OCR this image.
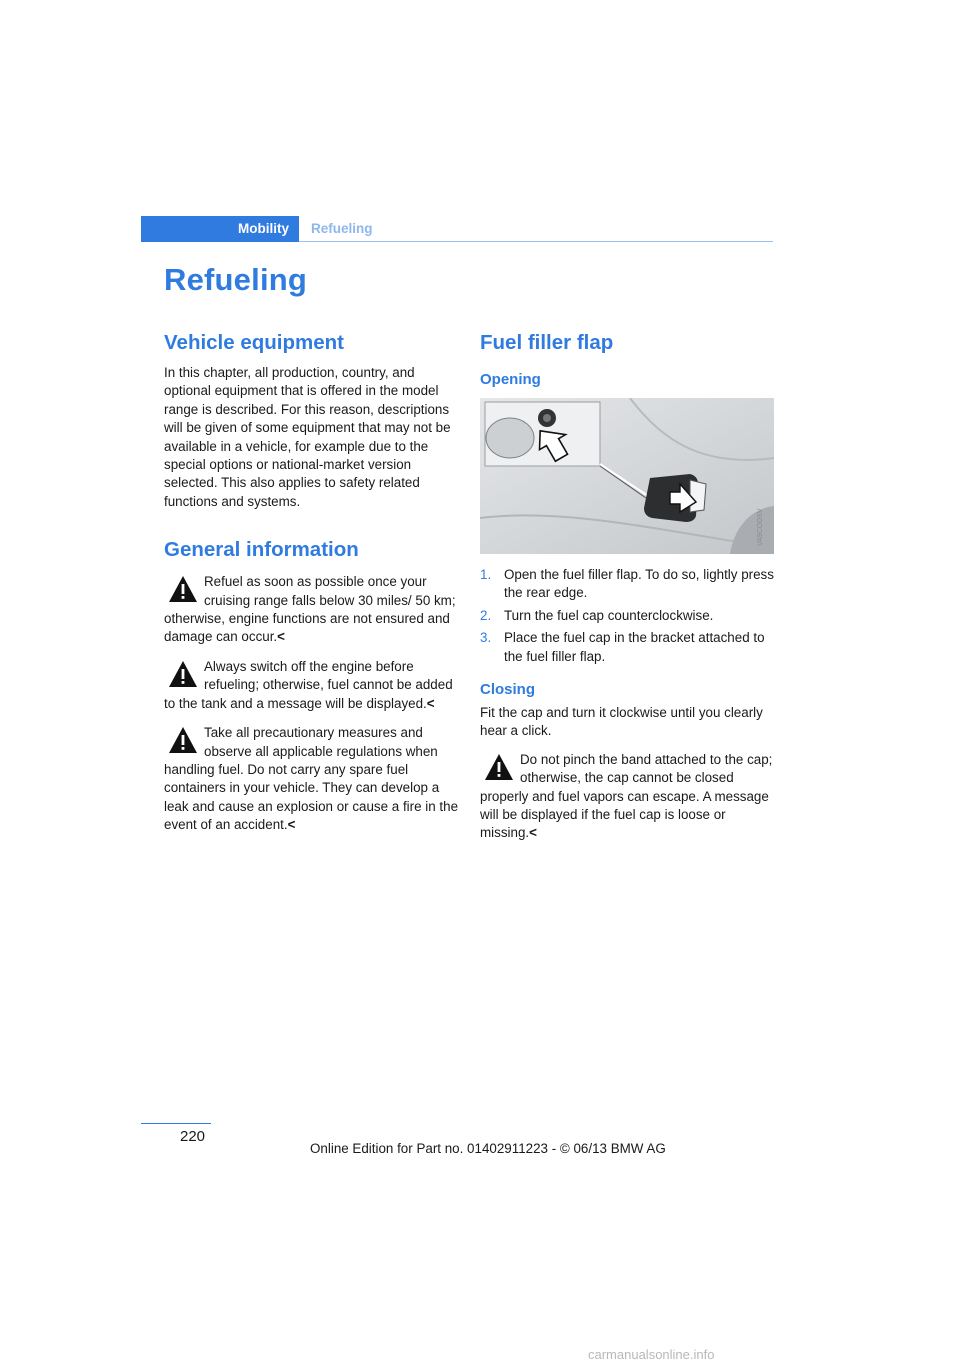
Mobility Refueling
Refueling
Vehicle equipment

In this chapter, all production, country, and optional equipment that is offered in the model range is described. For this reason, descriptions will be given of some equipment that may not be available in a vehicle, for example due to the special options or national-market version selected. This also applies to safety related functions and systems.

General information
Refuel as soon as possible once your cruising range falls below 30 miles/ 50 km; otherwise, engine functions are not ensured and damage can occur.<
Always switch off the engine before refueling; otherwise, fuel cannot be added to the tank and a message will be displayed.<
Take all precautionary measures and observe all applicable regulations when handling fuel. Do not carry any spare fuel containers in your vehicle. They can develop a leak and cause an explosion or cause a fire in the event of an accident.<
Fuel filler flap
Opening
VA9CODSV
1. Open the fuel filler flap. To do so, lightly press the rear edge.
2. Turn the fuel cap counterclockwise.
3. Place the fuel cap in the bracket attached to the fuel filler flap.
Closing

Fit the cap and turn it clockwise until you clearly hear a click.

Do not pinch the band attached to the cap; otherwise, the cap cannot be closed properly and fuel vapors can escape. A message will be displayed if the fuel cap is loose or missing.<
220
Online Edition for Part no. 01402911223 - © 06/13 BMW AG
carmanualsonline.info
